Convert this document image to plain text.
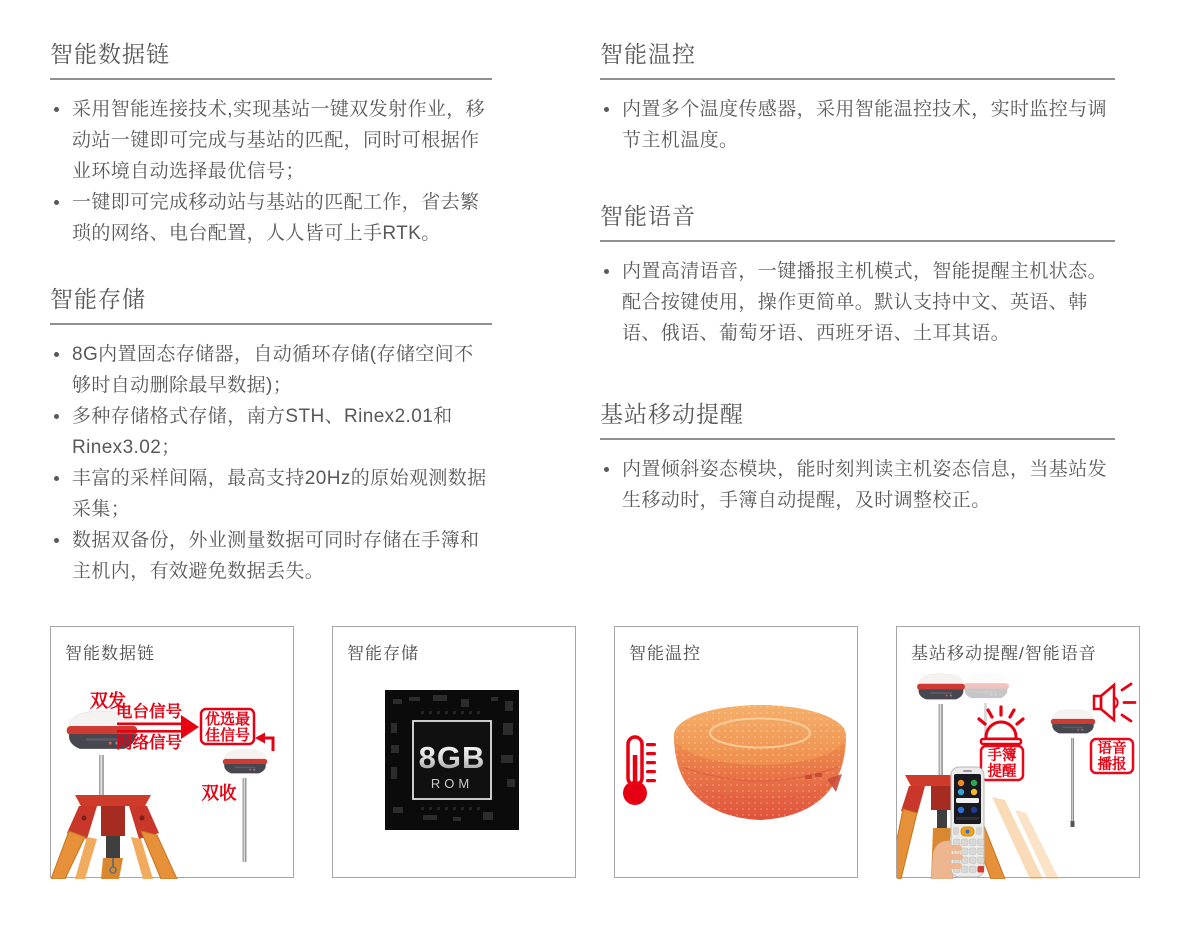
智能数据链
采用智能连接技术,实现基站一键双发射作业，移动站一键即可完成与基站的匹配，同时可根据作业环境自动选择最优信号；
一键即可完成移动站与基站的匹配工作，省去繁琐的网络、电台配置，人人皆可上手RTK。
智能存储
8G内置固态存储器，自动循环存储(存储空间不够时自动删除最早数据)；
多种存储格式存储，南方STH、Rinex2.01和Rinex3.02；
丰富的采样间隔，最高支持20Hz的原始观测数据采集；
数据双备份，外业测量数据可同时存储在手簿和主机内，有效避免数据丢失。
智能温控
内置多个温度传感器，采用智能温控技术，实时监控与调节主机温度。
智能语音
内置高清语音，一键播报主机模式，智能提醒主机状态。配合按键使用，操作更简单。默认支持中文、英语、韩语、俄语、葡萄牙语、西班牙语、土耳其语。
基站移动提醒
内置倾斜姿态模块，能时刻判读主机姿态信息，当基站发生移动时，手簿自动提醒，及时调整校正。
智能数据链
双发
电台信号
网络信号
优选最
佳信号
双收
智能存储
8GB
ROM
智能温控	基站移动提醒/智能语音
手簿
提醒
语音
播报
